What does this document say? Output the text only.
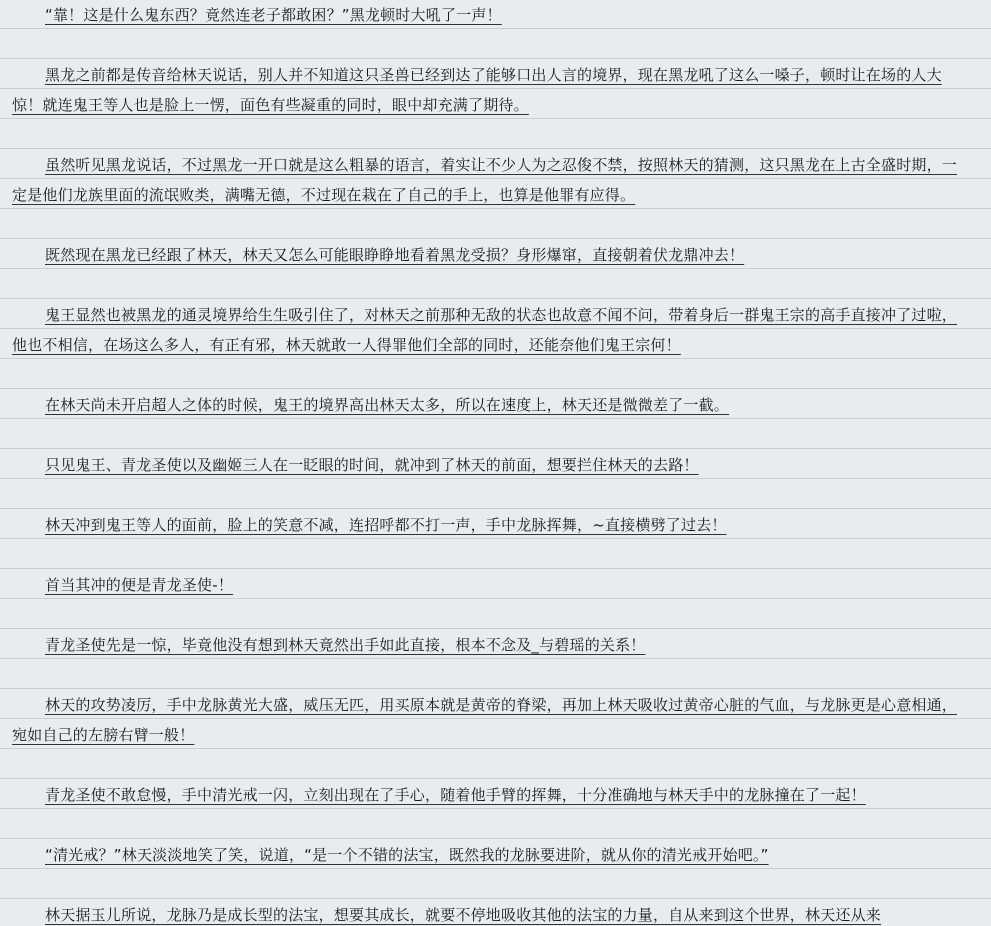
“靠！这是什么鬼东西？竟然连老子都敢困？”黑龙顿时大吼了一声！

黑龙之前都是传音给林天说话，别人并不知道这只圣兽已经到达了能够口出人言的境界，现在黑龙吼了这么一嗓子，顿时让在场的人大惊！就连鬼王等人也是脸上一愣，面色有些凝重的同时，眼中却充满了期待。

虽然听见黑龙说话，不过黑龙一开口就是这么粗暴的语言，着实让不少人为之忍俊不禁，按照林天的猜测，这只黑龙在上古全盛时期，一定是他们龙族里面的流氓败类，满嘴无德，不过现在栽在了自己的手上，也算是他罪有应得。

既然现在黑龙已经跟了林天，林天又怎么可能眼睁睁地看着黑龙受损？身形爆窜，直接朝着伏龙鼎冲去！

鬼王显然也被黑龙的通灵境界给生生吸引住了，对林天之前那种无敌的状态也故意不闻不问，带着身后一群鬼王宗的高手直接冲了过啦，他也不相信，在场这么多人，有正有邪，林天就敢一人得罪他们全部的同时，还能奈他们鬼王宗何！

在林天尚未开启超人之体的时候，鬼王的境界高出林天太多，所以在速度上，林天还是微微差了一截。

只见鬼王、青龙圣使以及幽姬三人在一眨眼的时间，就冲到了林天的前面，想要拦住林天的去路！

林天冲到鬼王等人的面前，脸上的笑意不减，连招呼都不打一声，手中龙脉挥舞，~直接横劈了过去！

首当其冲的便是青龙圣使-！

青龙圣使先是一惊，毕竟他没有想到林天竟然出手如此直接，根本不念及_与碧瑶的关系！

林天的攻势凌厉，手中龙脉黄光大盛，威压无匹，用买原本就是黄帝的脊梁，再加上林天吸收过黄帝心脏的气血，与龙脉更是心意相通，宛如自己的左膀右臂一般！

青龙圣使不敢怠慢，手中清光戒一闪，立刻出现在了手心，随着他手臂的挥舞，十分准确地与林天手中的龙脉撞在了一起！

“清光戒？”林天淡淡地笑了笑，说道，“是一个不错的法宝，既然我的龙脉要进阶，就从你的清光戒开始吧。”

林天据玉儿所说，龙脉乃是成长型的法宝，想要其成长，就要不停地吸收其他的法宝的力量，自从来到这个世界，林天还从来
